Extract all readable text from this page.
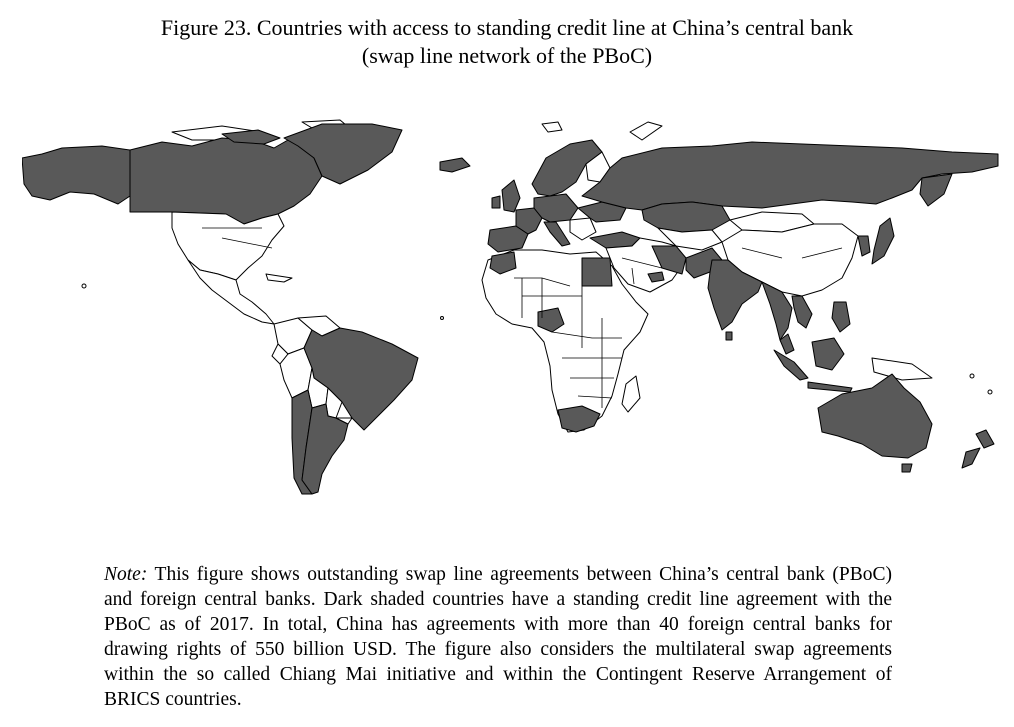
Figure 23. Countries with access to standing credit line at China’s central bank
(swap line network of the PBoC)

Note: This figure shows outstanding swap line agreements between China’s central bank (PBoC) and foreign central banks. Dark shaded countries have a standing credit line agreement with the PBoC as of 2017. In total, China has agreements with more than 40 foreign central banks for drawing rights of 550 billion USD. The figure also considers the multilateral swap agreements within the so called Chiang Mai initiative and within the Contingent Reserve Arrangement of BRICS countries.
